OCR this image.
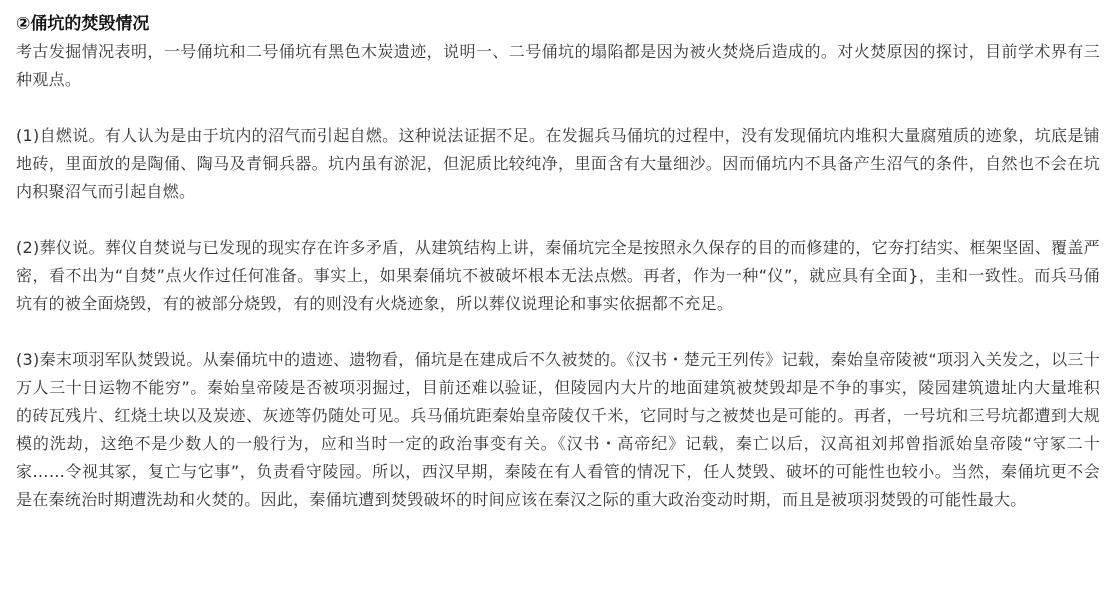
②俑坑的焚毁情况

考古发掘情况表明，一号俑坑和二号俑坑有黑色木炭遗迹，说明一、二号俑坑的塌陷都是因为被火焚烧后造成的。对火焚原因的探讨，目前学术界有三种观点。

(1)自燃说。有人认为是由于坑内的沼气而引起自燃。这种说法证据不足。在发掘兵马俑坑的过程中，没有发现俑坑内堆积大量腐殖质的迹象，坑底是铺地砖，里面放的是陶俑、陶马及青铜兵器。坑内虽有淤泥，但泥质比较纯净，里面含有大量细沙。因而俑坑内不具备产生沼气的条件，自然也不会在坑内积聚沼气而引起自燃。

(2)葬仪说。葬仪自焚说与已发现的现实存在许多矛盾，从建筑结构上讲，秦俑坑完全是按照永久保存的目的而修建的，它夯打结实、框架坚固、覆盖严密，看不出为“自焚”点火作过任何准备。事实上，如果秦俑坑不被破坏根本无法点燃。再者，作为一种“仪”，就应具有全面}，圭和一致性。而兵马俑坑有的被全面烧毁，有的被部分烧毁，有的则没有火烧迹象，所以葬仪说理论和事实依据都不充足。

(3)秦末项羽军队焚毁说。从秦俑坑中的遗迹、遗物看，俑坑是在建成后不久被焚的。《汉书・楚元王列传》记载，秦始皇帝陵被“项羽入关发之，以三十万人三十日运物不能穷”。秦始皇帝陵是否被项羽掘过，目前还难以验证，但陵园内大片的地面建筑被焚毁却是不争的事实，陵园建筑遗址内大量堆积的砖瓦残片、红烧土块以及炭迹、灰迹等仍随处可见。兵马俑坑距秦始皇帝陵仅千米，它同时与之被焚也是可能的。再者，一号坑和三号坑都遭到大规模的洗劫，这绝不是少数人的一般行为，应和当时一定的政治事变有关。《汉书・高帝纪》记载，秦亡以后，汉高祖刘邦曾指派始皇帝陵“守冢二十家……令视其冢，复亡与它事”，负责看守陵园。所以，西汉早期，秦陵在有人看管的情况下，任人焚毁、破坏的可能性也较小。当然，秦俑坑更不会是在秦统治时期遭洗劫和火焚的。因此，秦俑坑遭到焚毁破坏的时间应该在秦汉之际的重大政治变动时期，而且是被项羽焚毁的可能性最大。
